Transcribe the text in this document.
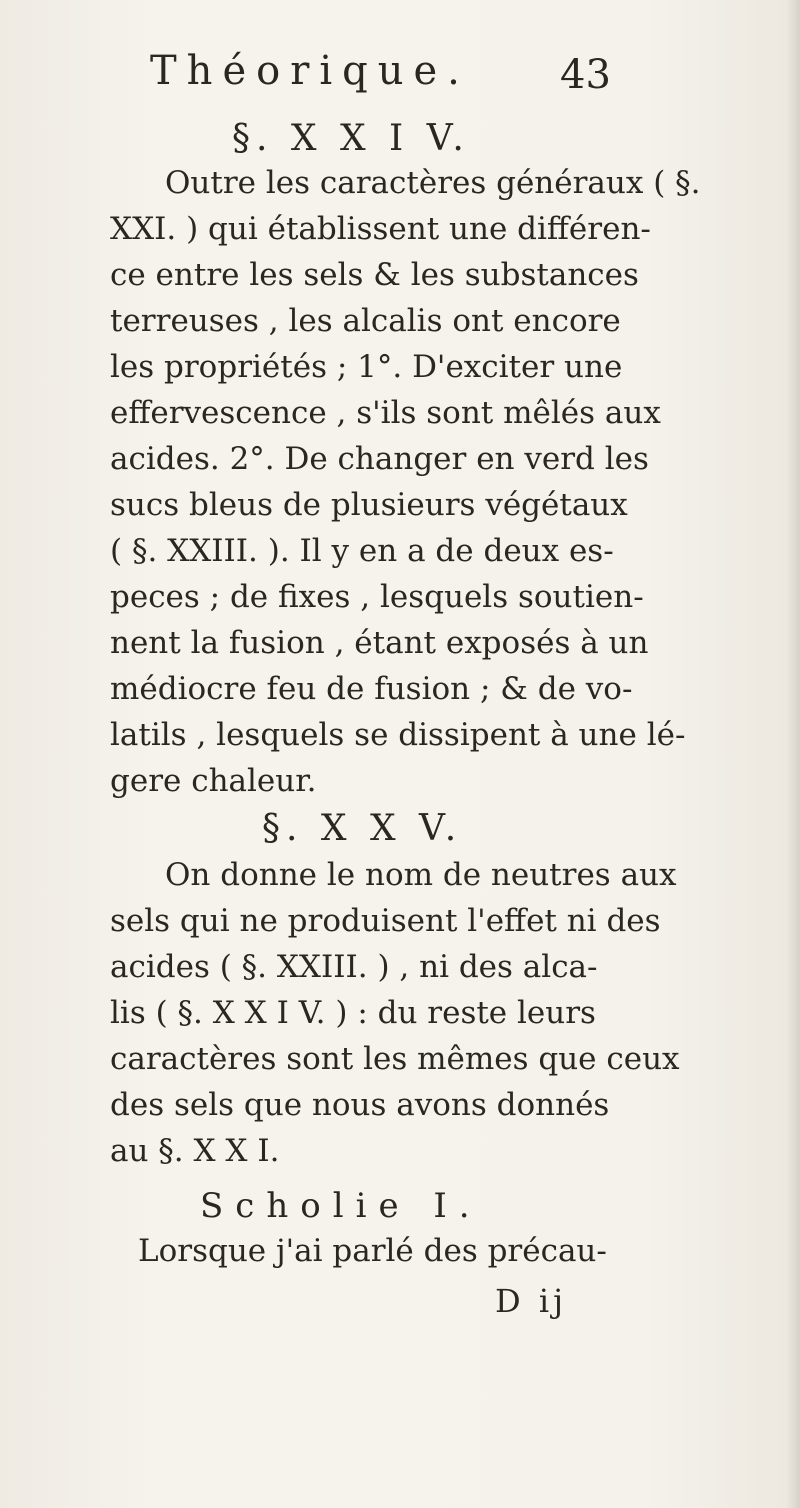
Théorique. 43
§. X X I V.
Outre les caractères généraux ( §.
XXI. ) qui établissent une différen-
ce entre les sels & les substances
terreuses , les alcalis ont encore
les propriétés ; 1°. D'exciter une
effervescence , s'ils sont mêlés aux
acides. 2°. De changer en verd les
sucs bleus de plusieurs végétaux
( §. XXIII. ). Il y en a de deux es-
peces ; de fixes , lesquels soutien-
nent la fusion , étant exposés à un
médiocre feu de fusion ; & de vo-
latils , lesquels se dissipent à une lé-
gere chaleur.
§. X X V.
On donne le nom de neutres aux
sels qui ne produisent l'effet ni des
acides ( §. XXIII. ) , ni des alca-
lis ( §. X X I V. ) : du reste leurs
caractères sont les mêmes que ceux
des sels que nous avons donnés
au §. X X I.
Scholie I.
Lorsque j'ai parlé des précau-
D ij
